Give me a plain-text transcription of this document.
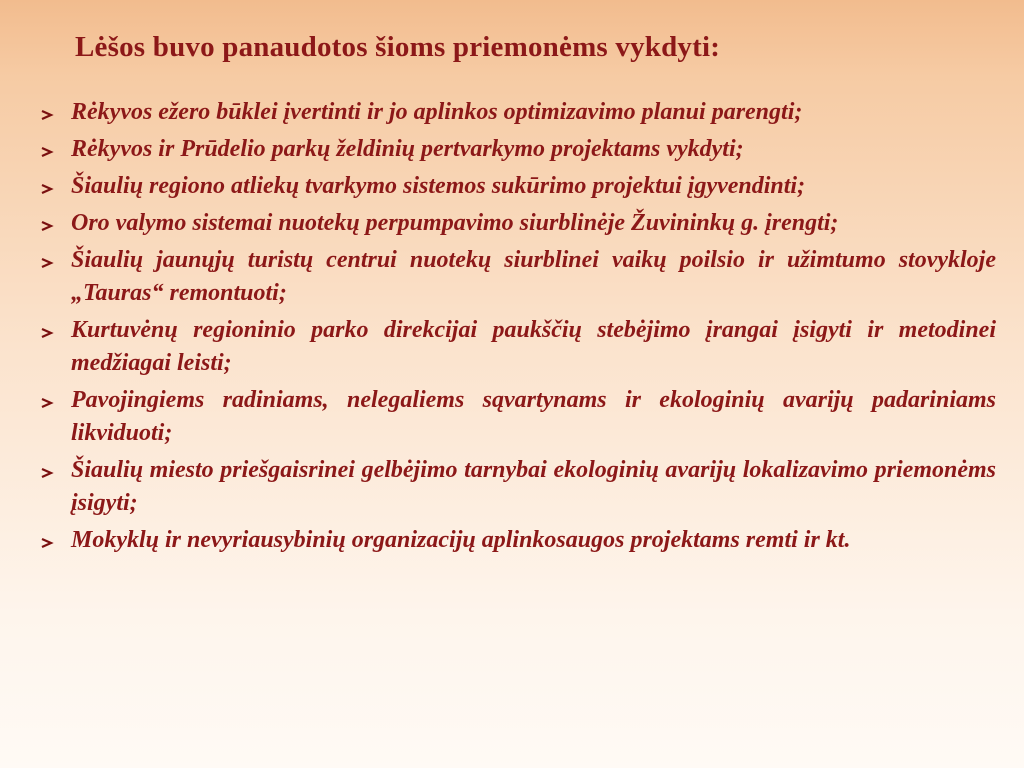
Lėšos buvo panaudotos šioms priemonėms vykdyti:
Rėkyvos ežero būklei įvertinti ir jo aplinkos optimizavimo planui parengti;
Rėkyvos ir Prūdelio parkų želdinių pertvarkymo projektams vykdyti;
Šiaulių regiono atliekų tvarkymo sistemos sukūrimo projektui įgyvendinti;
Oro valymo sistemai nuotekų perpumpavimo siurblinėje Žuvininkų g. įrengti;
Šiaulių jaunųjų turistų centrui nuotekų siurblinei vaikų poilsio ir užimtumo stovykloje „Tauras“ remontuoti;
Kurtuvėnų regioninio parko direkcijai paukščių stebėjimo įrangai įsigyti ir metodinei medžiagai leisti;
Pavojingiems radiniams, nelegaliems sąvartynams ir ekologinių avarijų padariniams likviduoti;
Šiaulių miesto priešgaisrinei gelbėjimo tarnybai ekologinių avarijų lokalizavimo priemonėms įsigyti;
Mokyklų ir nevyriausybinių organizacijų aplinkosaugos projektams remti ir kt.
